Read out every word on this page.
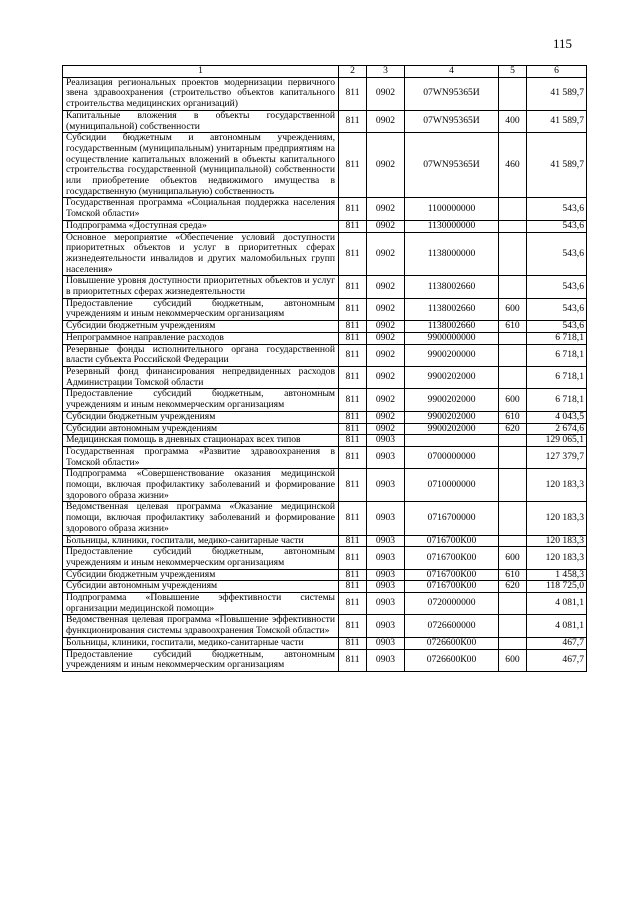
115
1	2	3	4	5	6
Реализация региональных проектов модернизации первичного звена здравоохранения (строительство объектов капитального строительства медицинских организаций)	811	0902	07WN95365И		41 589,7
Капитальные вложения в объекты государственной (муниципальной) собственности	811	0902	07WN95365И	400	41 589,7
Субсидии бюджетным и автономным учреждениям, государственным (муниципальным) унитарным предприятиям на осуществление капитальных вложений в объекты капитального строительства государственной (муниципальной) собственности или приобретение объектов недвижимого имущества в государственную (муниципальную) собственность	811	0902	07WN95365И	460	41 589,7
Государственная программа «Социальная поддержка населения Томской области»	811	0902	1100000000		543,6
Подпрограмма «Доступная среда»	811	0902	1130000000		543,6
Основное мероприятие «Обеспечение условий доступности приоритетных объектов и услуг в приоритетных сферах жизнедеятельности инвалидов и других маломобильных групп населения»	811	0902	1138000000		543,6
Повышение уровня доступности приоритетных объектов и услуг в приоритетных сферах жизнедеятельности	811	0902	1138002660		543,6
Предоставление субсидий бюджетным, автономным учреждениям и иным некоммерческим организациям	811	0902	1138002660	600	543,6
Субсидии бюджетным учреждениям	811	0902	1138002660	610	543,6
Непрограммное направление расходов	811	0902	9900000000		6 718,1
Резервные фонды исполнительного органа государственной власти субъекта Российской Федерации	811	0902	9900200000		6 718,1
Резервный фонд финансирования непредвиденных расходов Администрации Томской области	811	0902	9900202000		6 718,1
Предоставление субсидий бюджетным, автономным учреждениям и иным некоммерческим организациям	811	0902	9900202000	600	6 718,1
Субсидии бюджетным учреждениям	811	0902	9900202000	610	4 043,5
Субсидии автономным учреждениям	811	0902	9900202000	620	2 674,6
Медицинская помощь в дневных стационарах всех типов	811	0903			129 065,1
Государственная программа «Развитие здравоохранения в Томской области»	811	0903	0700000000		127 379,7
Подпрограмма «Совершенствование оказания медицинской помощи, включая профилактику заболеваний и формирование здорового образа жизни»	811	0903	0710000000		120 183,3
Ведомственная целевая программа «Оказание медицинской помощи, включая профилактику заболеваний и формирование здорового образа жизни»	811	0903	0716700000		120 183,3
Больницы, клиники, госпитали, медико-санитарные части	811	0903	0716700К00		120 183,3
Предоставление субсидий бюджетным, автономным учреждениям и иным некоммерческим организациям	811	0903	0716700К00	600	120 183,3
Субсидии бюджетным учреждениям	811	0903	0716700К00	610	1 458,3
Субсидии автономным учреждениям	811	0903	0716700К00	620	118 725,0
Подпрограмма «Повышение эффективности системы организации медицинской помощи»	811	0903	0720000000		4 081,1
Ведомственная целевая программа «Повышение эффективности функционирования системы здравоохранения Томской области»	811	0903	0726600000		4 081,1
Больницы, клиники, госпитали, медико-санитарные части	811	0903	0726600К00		467,7
Предоставление субсидий бюджетным, автономным учреждениям и иным некоммерческим организациям	811	0903	0726600К00	600	467,7
